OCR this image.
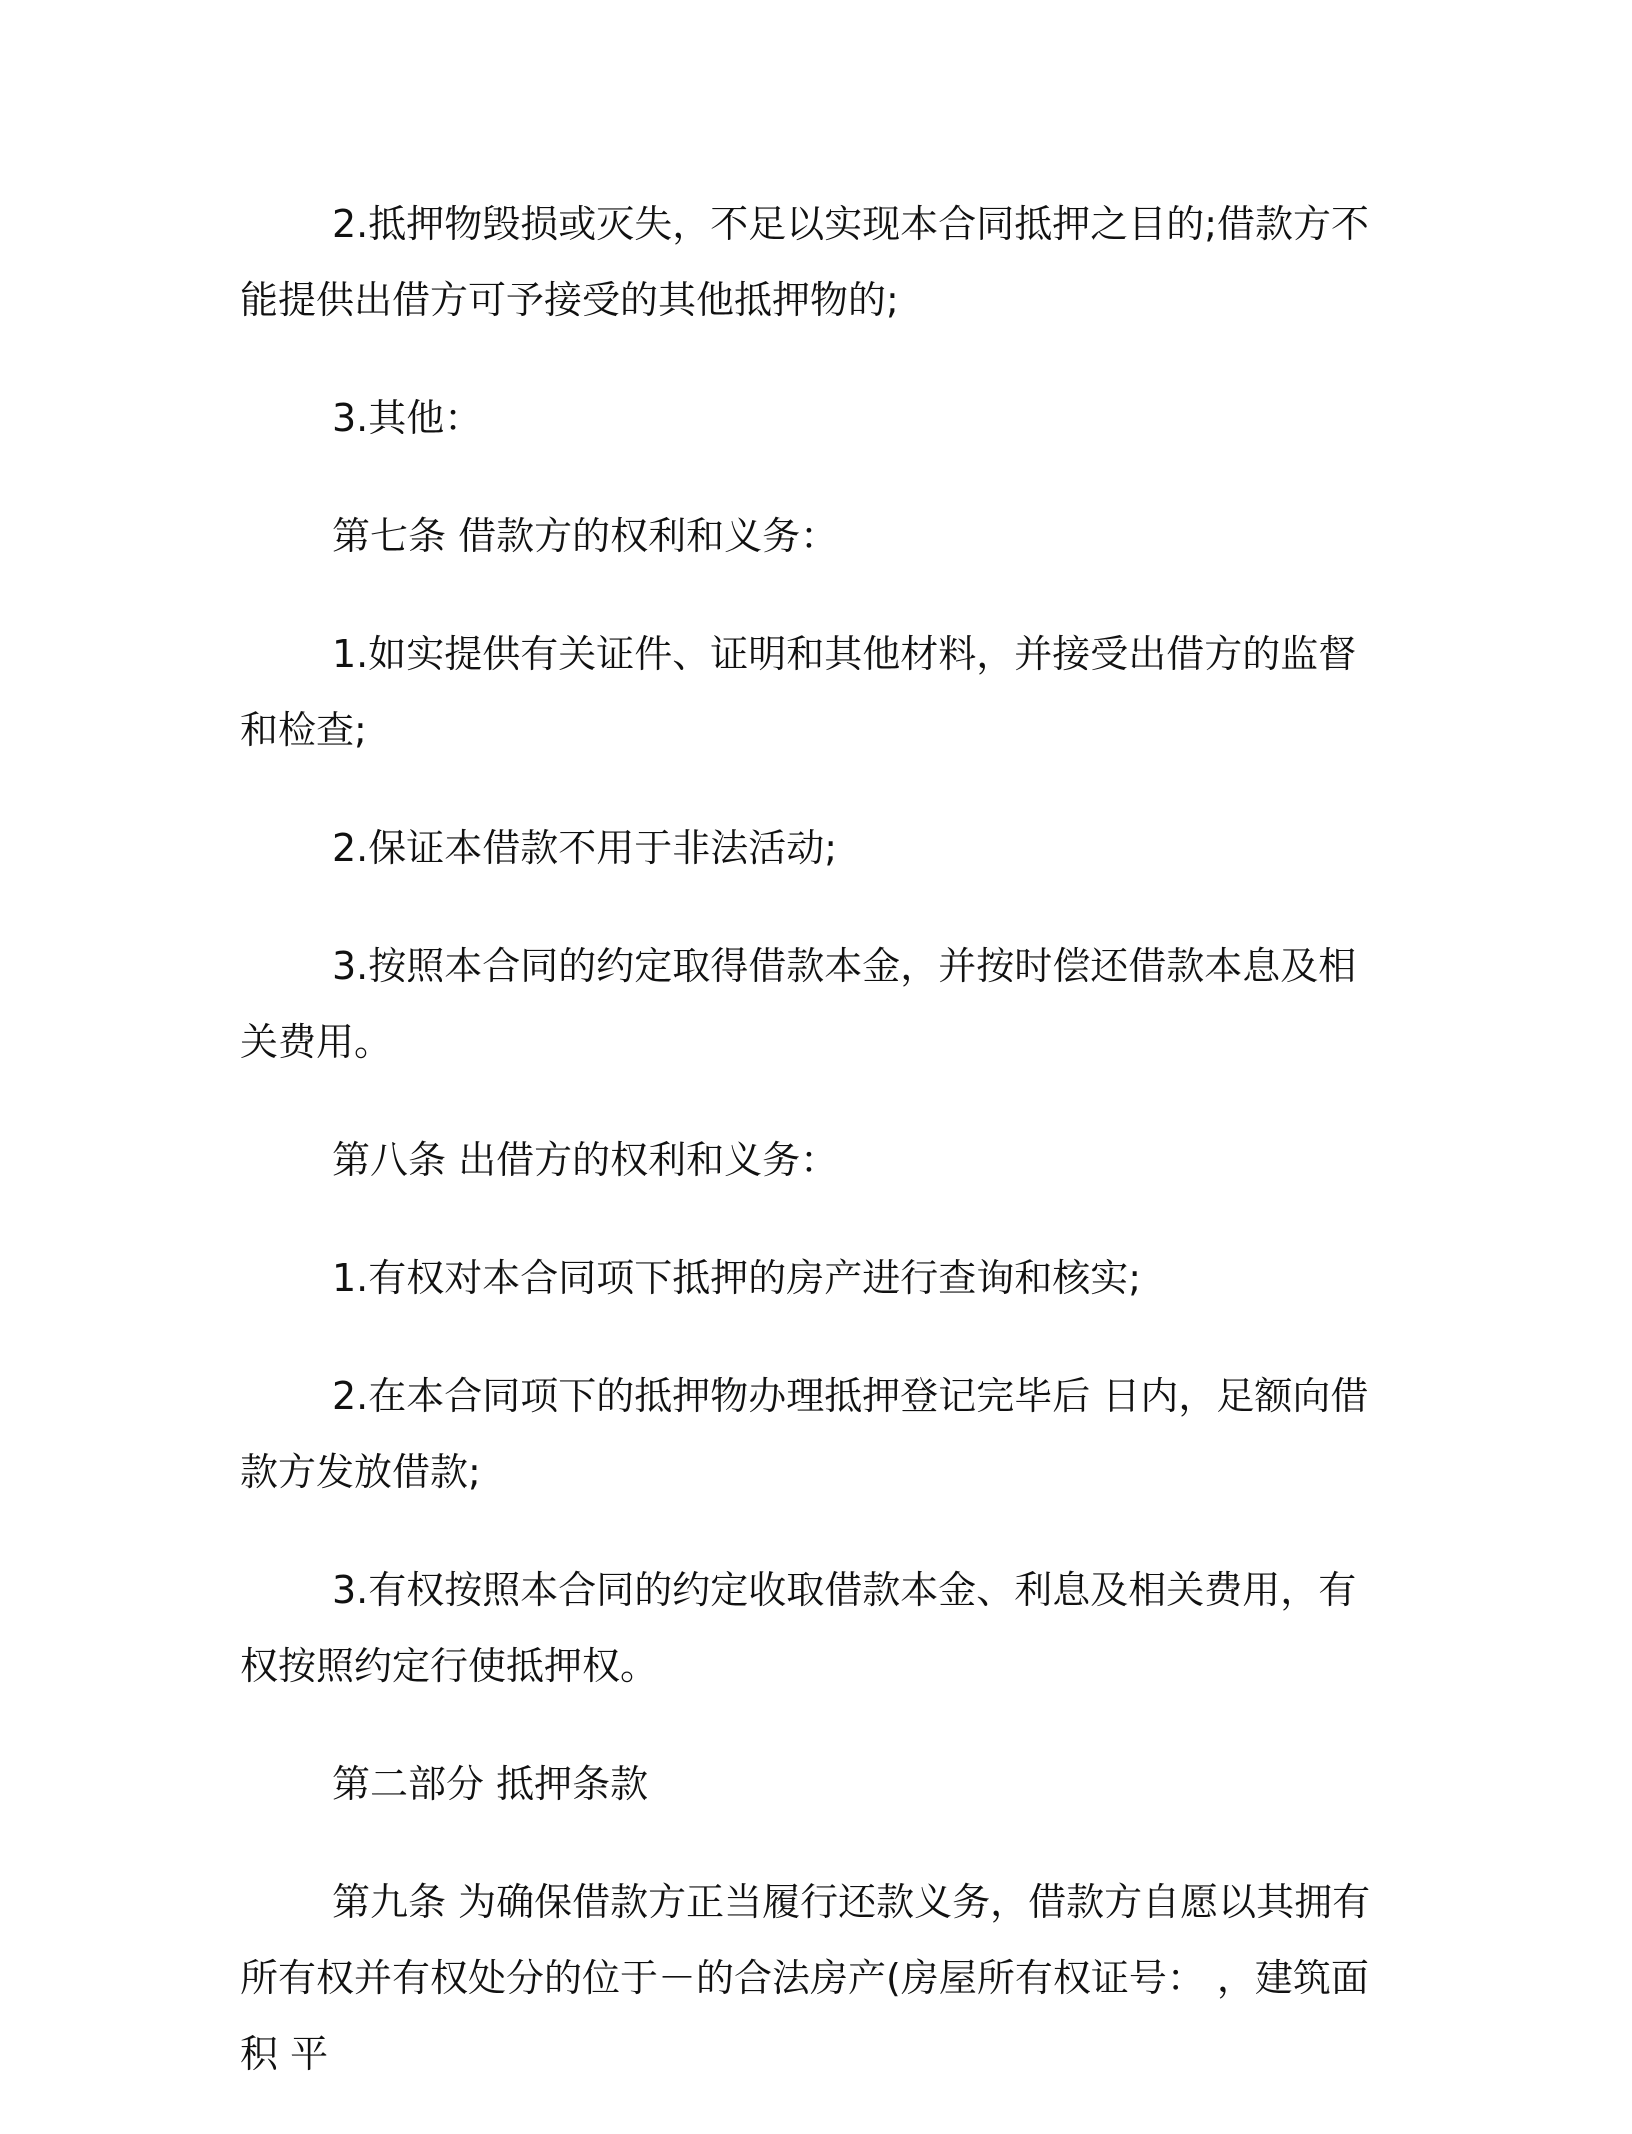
2.抵押物毁损或灭失，不足以实现本合同抵押之目的;借款方不能提供出借方可予接受的其他抵押物的;

3.其他：

第七条 借款方的权利和义务：

1.如实提供有关证件、证明和其他材料，并接受出借方的监督和检查;

2.保证本借款不用于非法活动;

3.按照本合同的约定取得借款本金，并按时偿还借款本息及相关费用。

第八条 出借方的权利和义务：

1.有权对本合同项下抵押的房产进行查询和核实;

2.在本合同项下的抵押物办理抵押登记完毕后 日内，足额向借款方发放借款;

3.有权按照本合同的约定收取借款本金、利息及相关费用，有权按照约定行使抵押权。

第二部分 抵押条款

第九条 为确保借款方正当履行还款义务，借款方自愿以其拥有所有权并有权处分的位于－的合法房产(房屋所有权证号： ，建筑面积 平
